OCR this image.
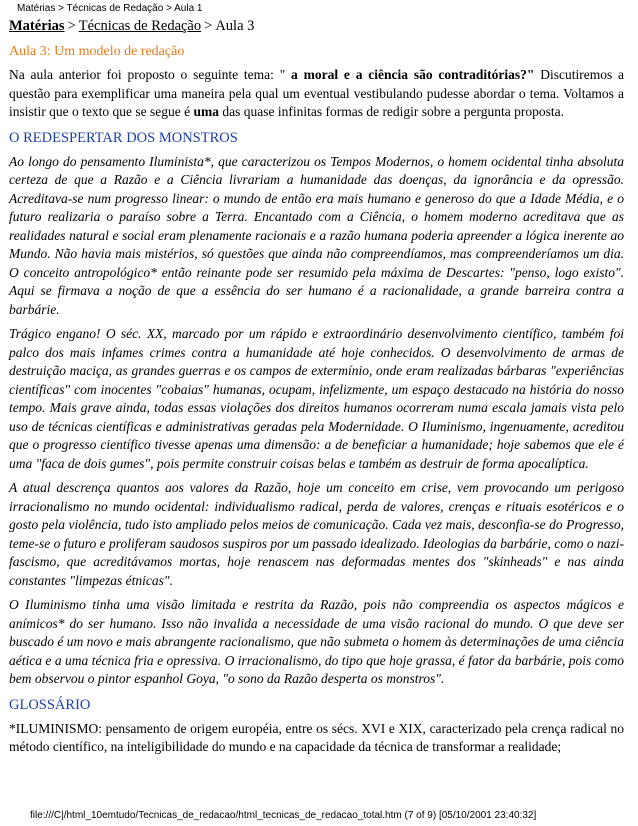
Matérias > Técnicas de Redação > Aula 1
Matérias > Técnicas de Redação > Aula 3
Aula 3: Um modelo de redação

Na aula anterior foi proposto o seguinte tema: " a moral e a ciência são contraditórias?" Discutiremos a questão para exemplificar uma maneira pela qual um eventual vestibulando pudesse abordar o tema. Voltamos a insistir que o texto que se segue é uma das quase infinitas formas de redigir sobre a pergunta proposta.

O REDESPERTAR DOS MONSTROS

Ao longo do pensamento Iluminista*, que caracterizou os Tempos Modernos, o homem ocidental tinha absoluta certeza de que a Razão e a Ciência livrariam a humanidade das doenças, da ignorância e da opressão. Acreditava-se num progresso linear: o mundo de então era mais humano e generoso do que a Idade Média, e o futuro realizaria o paraíso sobre a Terra. Encantado com a Ciência, o homem moderno acreditava que as realidades natural e social eram plenamente racionais e a razão humana poderia apreender a lógica inerente ao Mundo. Não havia mais mistérios, só questões que ainda não compreendíamos, mas compreenderíamos um dia. O conceito antropológico* então reinante pode ser resumido pela máxima de Descartes: "penso, logo existo". Aqui se firmava a noção de que a essência do ser humano é a racionalidade, a grande barreira contra a barbárie.

Trágico engano! O séc. XX, marcado por um rápido e extraordinário desenvolvimento científico, também foi palco dos mais infames crimes contra a humanidade até hoje conhecidos. O desenvolvimento de armas de destruição maciça, as grandes guerras e os campos de extermínio, onde eram realizadas bárbaras "experiências científicas" com inocentes "cobaias" humanas, ocupam, infelizmente, um espaço destacado na história do nosso tempo. Mais grave ainda, todas essas violações dos direitos humanos ocorreram numa escala jamais vista pelo uso de técnicas científicas e administrativas geradas pela Modernidade. O Iluminismo, ingenuamente, acreditou que o progresso científico tivesse apenas uma dimensão: a de beneficiar a humanidade; hoje sabemos que ele é uma "faca de dois gumes", pois permite construir coisas belas e também as destruir de forma apocalíptica.

A atual descrença quantos aos valores da Razão, hoje um conceito em crise, vem provocando um perigoso irracionalismo no mundo ocidental: individualismo radical, perda de valores, crenças e rituais esotéricos e o gosto pela violência, tudo isto ampliado pelos meios de comunicação. Cada vez mais, desconfia-se do Progresso, teme-se o futuro e proliferam saudosos suspiros por um passado idealizado. Ideologias da barbárie, como o nazi-fascismo, que acreditávamos mortas, hoje renascem nas deformadas mentes dos "skinheads" e nas ainda constantes "limpezas étnicas".

O Iluminismo tinha uma visão limitada e restrita da Razão, pois não compreendia os aspectos mágicos e anímicos* do ser humano. Isso não invalida a necessidade de uma visão racional do mundo. O que deve ser buscado é um novo e mais abrangente racionalismo, que não submeta o homem às determinações de uma ciência aética e a uma técnica fria e opressiva. O irracionalismo, do tipo que hoje grassa, é fator da barbárie, pois como bem observou o pintor espanhol Goya, "o sono da Razão desperta os monstros".

GLOSSÁRIO

*ILUMINISMO: pensamento de origem européia, entre os sécs. XVI e XIX, caracterizado pela crença radical no método científico, na inteligibilidade do mundo e na capacidade da técnica de transformar a realidade;

file:///C|/html_10emtudo/Tecnicas_de_redacao/html_tecnicas_de_redacao_total.htm (7 of 9) [05/10/2001 23:40:32]
